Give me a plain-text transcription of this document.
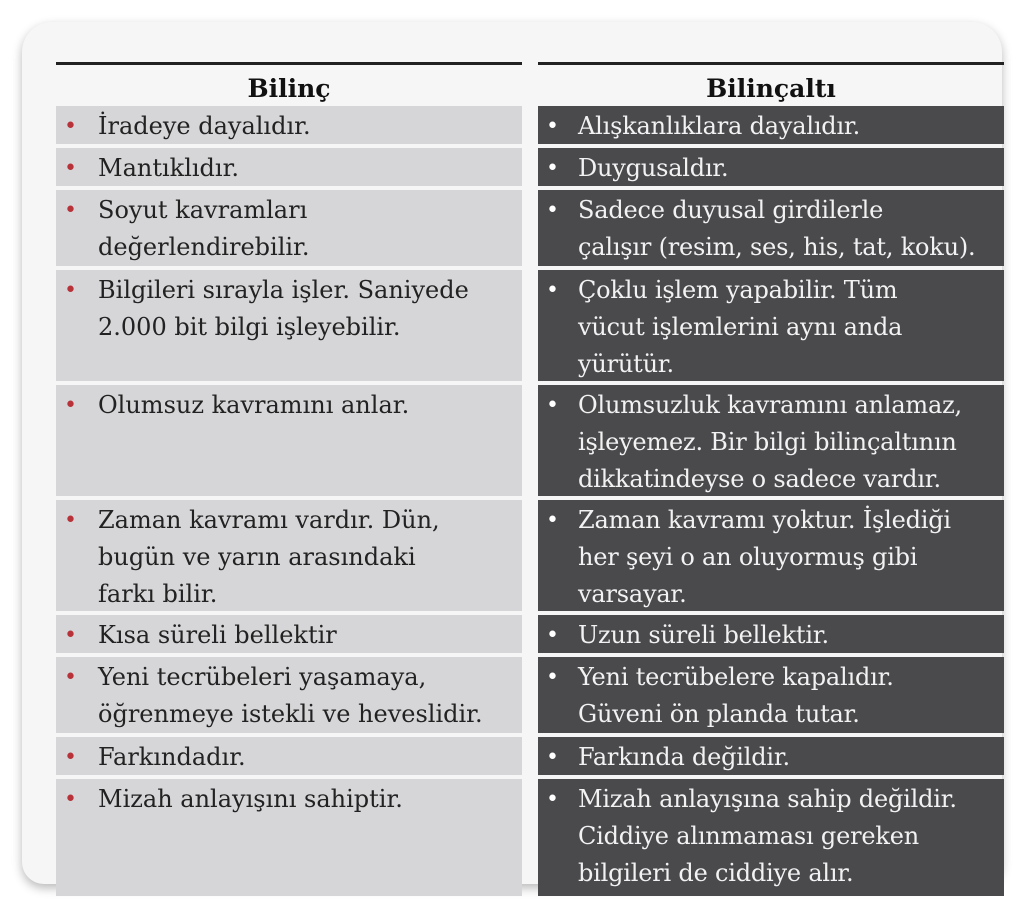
Bilinç
• İradeye dayalıdır.
• Mantıklıdır.
• Soyut kavramları
değerlendirebilir.
• Bilgileri sırayla işler. Saniyede
2.000 bit bilgi işleyebilir.
• Olumsuz kavramını anlar.
• Zaman kavramı vardır. Dün,
bugün ve yarın arasındaki
farkı bilir.
• Kısa süreli bellektir
• Yeni tecrübeleri yaşamaya,
öğrenmeye istekli ve heveslidir.
• Farkındadır.
• Mizah anlayışını sahiptir.
Bilinçaltı
• Alışkanlıklara dayalıdır.
• Duygusaldır.
• Sadece duyusal girdilerle
çalışır (resim, ses, his, tat, koku).
• Çoklu işlem yapabilir. Tüm
vücut işlemlerini aynı anda yürütür.

• Olumsuzluk kavramını anlamaz,
işleyemez. Bir bilgi bilinçaltının
dikkatindeyse o sadece vardır.
• Zaman kavramı yoktur. İşlediği
her şeyi o an oluyormuş gibi
varsayar.
• Uzun süreli bellektir.
• Yeni tecrübelere kapalıdır.
Güveni ön planda tutar.
• Farkında değildir.
• Mizah anlayışına sahip değildir.
Ciddiye alınmaması gereken
bilgileri de ciddiye alır.
